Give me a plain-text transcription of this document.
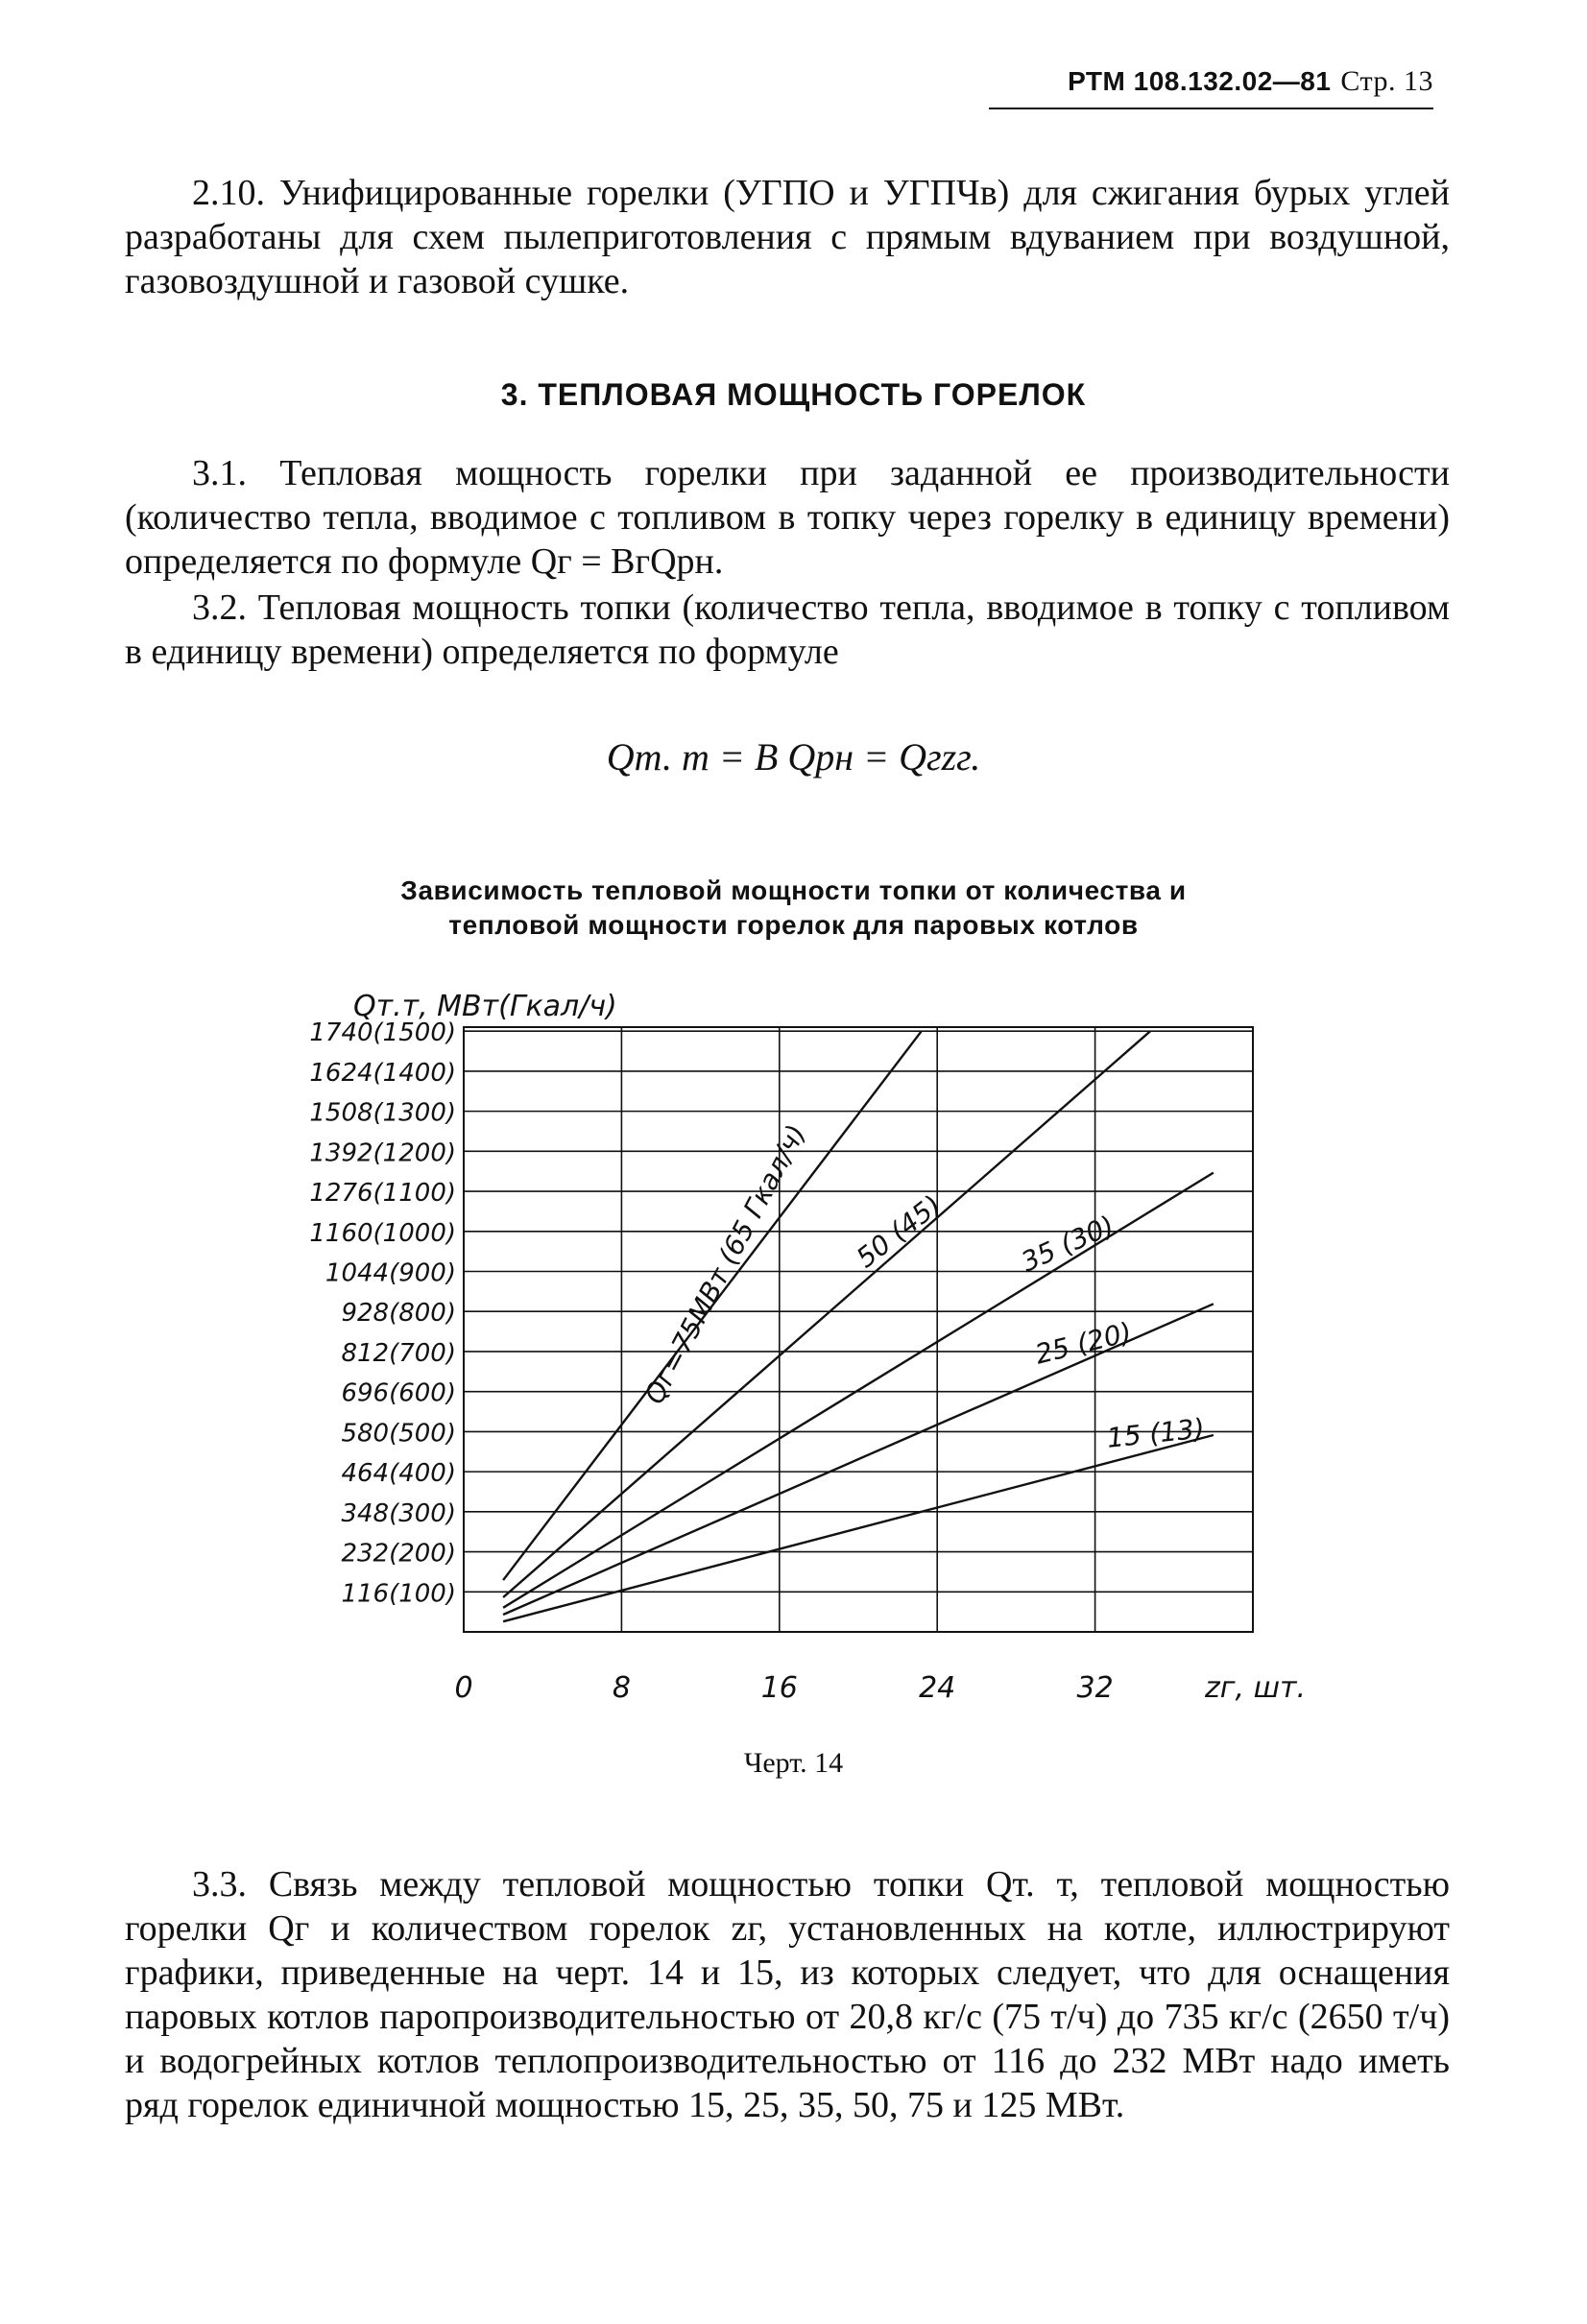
РТМ 108.132.02—81 Стр. 13

2.10. Унифицированные горелки (УГПО и УГПЧв) для сжигания бурых углей разработаны для схем пылеприготовления с прямым вдуванием при воздушной, газовоздушной и газовой сушке.

3. ТЕПЛОВАЯ МОЩНОСТЬ ГОРЕЛОК

3.1. Тепловая мощность горелки при заданной ее производительности (количество тепла, вводимое с топливом в топку через горелку в единицу времени) определяется по формуле Qг = BгQрн.

3.2. Тепловая мощность топки (количество тепла, вводимое в топку с топливом в единицу времени) определяется по формуле

Qт. т = B Qрн = Qгzг.
Зависимость тепловой мощности топки от количества и тепловой мощности горелок для паровых котлов
Qт.т, МВт(Гкал/ч)
zг, шт.
1740(1500)
1624(1400)
1508(1300)
1392(1200)
1276(1100)
1160(1000)
1044(900)
928(800)
812(700)
696(600)
580(500)
464(400)
348(300)
232(200)
116(100)
0	8	16	24	32
Qг=75МВт (65 Гкал/ч) 50 (45)	35 (30)
25 (20)
15 (13)
Черт. 14

3.3. Связь между тепловой мощностью топки Qт. т, тепловой мощностью горелки Qг и количеством горелок zг, установленных на котле, иллюстрируют графики, приведенные на черт. 14 и 15, из которых следует, что для оснащения паровых котлов паропроизводительностью от 20,8 кг/с (75 т/ч) до 735 кг/с (2650 т/ч) и водогрейных котлов теплопроизводительностью от 116 до 232 МВт надо иметь ряд горелок единичной мощностью 15, 25, 35, 50, 75 и 125 МВт.
